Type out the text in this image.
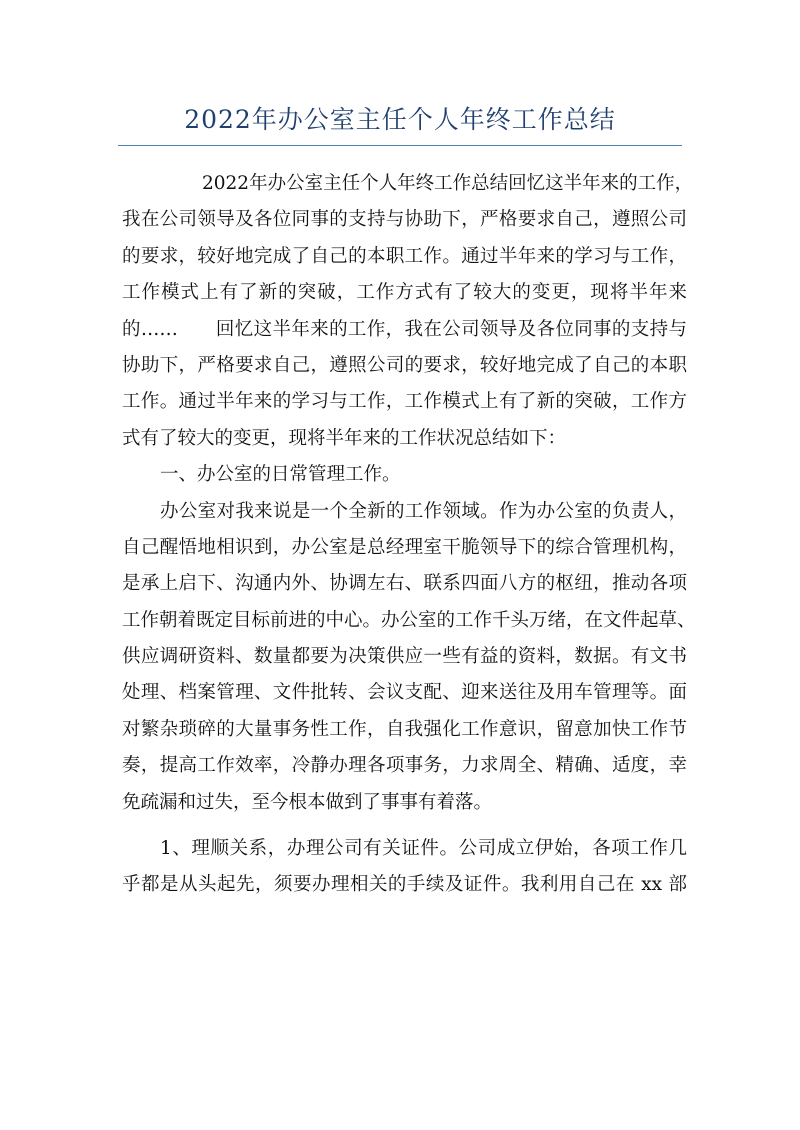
2022年办公室主任个人年终工作总结
2022年办公室主任个人年终工作总结回忆这半年来的工作，
我在公司领导及各位同事的支持与协助下，严格要求自己，遵照公司
的要求，较好地完成了自己的本职工作。通过半年来的学习与工作，
工作模式上有了新的突破，工作方式有了较大的变更，现将半年来
的……　　回忆这半年来的工作，我在公司领导及各位同事的支持与
协助下，严格要求自己，遵照公司的要求，较好地完成了自己的本职
工作。通过半年来的学习与工作，工作模式上有了新的突破，工作方
式有了较大的变更，现将半年来的工作状况总结如下：
一、办公室的日常管理工作。
办公室对我来说是一个全新的工作领域。作为办公室的负责人，
自己醒悟地相识到，办公室是总经理室干脆领导下的综合管理机构，
是承上启下、沟通内外、协调左右、联系四面八方的枢纽，推动各项
工作朝着既定目标前进的中心。办公室的工作千头万绪，在文件起草、
供应调研资料、数量都要为决策供应一些有益的资料，数据。有文书
处理、档案管理、文件批转、会议支配、迎来送往及用车管理等。面
对繁杂琐碎的大量事务性工作，自我强化工作意识，留意加快工作节
奏，提高工作效率，冷静办理各项事务，力求周全、精确、适度，幸
免疏漏和过失，至今根本做到了事事有着落。
1、理顺关系，办理公司有关证件。公司成立伊始，各项工作几
乎都是从头起先，须要办理相关的手续及证件。我利用自己在 xx 部
